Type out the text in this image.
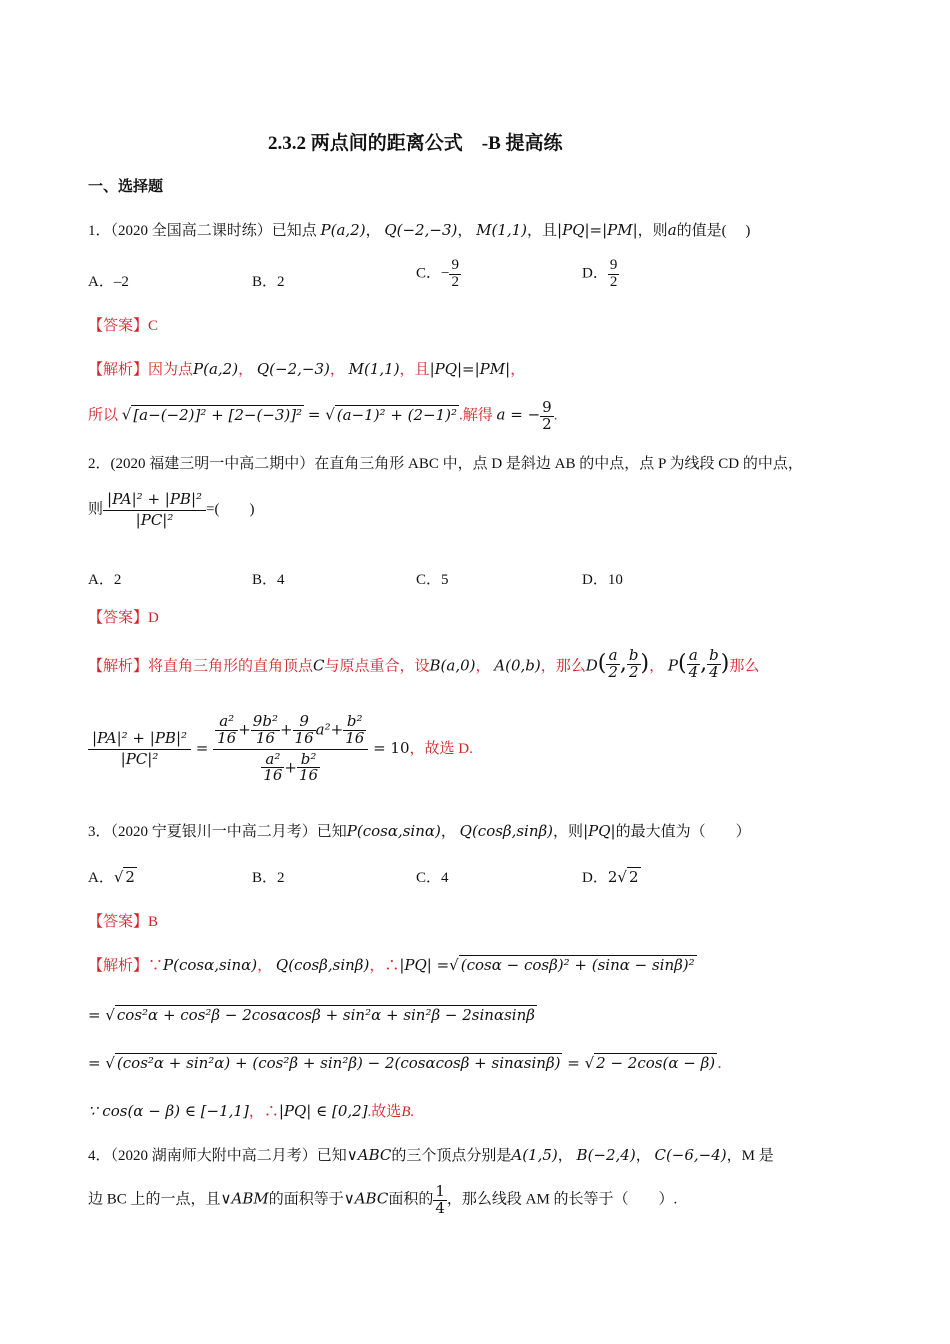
2.3.2 两点间的距离公式　-B 提高练
一、选择题
1．（2020 全国高二课时练）已知点 P(a,2)， Q(−2,−3)， M(1,1)，且|PQ|=|PM|，则a的值是(　 )
A．–2	B．2
C．− $\frac{9}{2}$	D． $\frac{9}{2}$
【答案】C
【解析】因为点P(a,2)， Q(−2,−3)， M(1,1)，且|PQ|=|PM|，
所以 √ [a−(−2)]² + [2−(−3)]² = √ (a−1)² + (2−1)² .解得 a = − $\frac{9}{2}$ .
2．(2020 福建三明一中高二期中）在直角三角形 ABC 中，点 D 是斜边 AB 的中点，点 P 为线段 CD 的中点，
则 $\frac{\text{|PA|² + |PB|²}}{\text{|PC|²}}$ =(　　)
A．2	B．4	C．5	D．10
【答案】D
【解析】将直角三角形的直角顶点C与原点重合，设B(a,0)， A(0,b)，那么$D( \frac{a}{2}$ , $\frac{b}{2}$ )， $P( \frac{a}{4}$ , $\frac{b}{4}$ )那么
$\frac{\text{|PA|² + |PB|²}}{\text{|PC|²}} = \frac{\frac{\text{a²}}{16} + \frac{\text{9b²}}{16} + \frac{9}{16} a^2+ \frac{\text{b²}}{16}}{\frac{\text{a²}}{16} + \frac{\text{b²}}{16}} = 10$，故选 D.
3．（2020 宁夏银川一中高二月考）已知P(cosα,sinα)， Q(cosβ,sinβ)，则|PQ|的最大值为（　　）
A．√ 2	B．2	C．4	D．2√ 2
【答案】B
【解析】∵P(cosα,sinα)， Q(cosβ,sinβ)，∴|PQ| =√ (cosα − cosβ)² + (sinα − sinβ)²
= √ cos²α + cos²β − 2cosαcosβ + sin²α + sin²β − 2sinαsinβ
= √ (cos²α + sin²α) + (cos²β + sin²β) − 2(cosαcosβ + sinαsinβ) = √ 2 − 2cos(α − β) .
∵ cos(α − β) ∈ [−1,1]，∴|PQ| ∈ [0,2].故选B.
4．（2020 湖南师大附中高二月考）已知∨ABC的三个顶点分别是A(1,5)， B(−2,4)， C(−6,−4)，M 是
边 BC 上的一点，且∨ABM的面积等于∨ABC面积的 $\frac{1}{4}$ ，那么线段 AM 的长等于（　　）.
